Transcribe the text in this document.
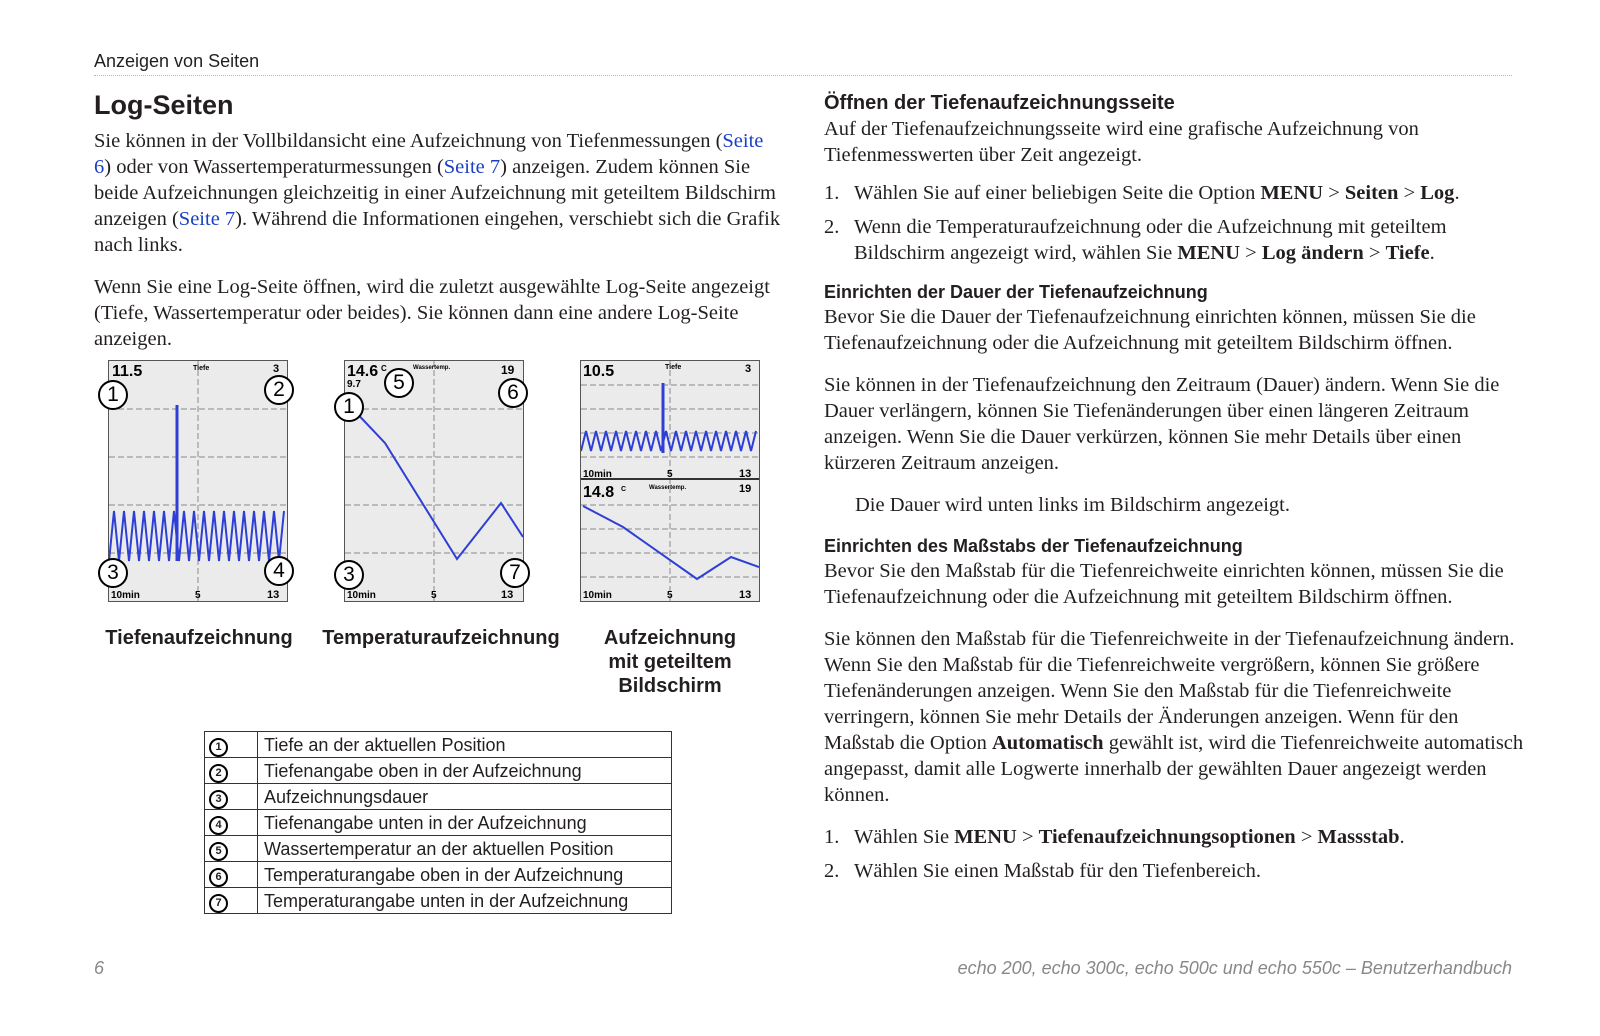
Anzeigen von Seiten
Log-Seiten

Sie können in der Vollbildansicht eine Aufzeichnung von Tiefenmessungen (Seite 6) oder von Wassertemperaturmessungen (Seite 7) anzeigen. Zudem können Sie beide Aufzeichnungen gleichzeitig in einer Aufzeichnung mit geteiltem Bildschirm anzeigen (Seite 7). Während die Informationen eingehen, verschiebt sich die Grafik nach links.

Wenn Sie eine Log-Seite öffnen, wird die zuletzt ausgewählte Log-Seite angezeigt (Tiefe, Wassertemperatur oder beides). Sie können dann eine andere Log-Seite anzeigen.

11.5	Tiefe	3
10min	5	13
14.6 C
9.7
Wassertemp.	19
10min	5	13
10.5	Tiefe	3
10min	5	13
14.8 C	Wassertemp.	19
10min	5	13
1	2
3	4
1
5	6
3	7
Tiefenaufzeichnung	Temperaturaufzeichnung	Aufzeichnung
mit geteiltem
Bildschirm
1	Tiefe an der aktuellen Position
2	Tiefenangabe oben in der Aufzeichnung
3	Aufzeichnungsdauer
4	Tiefenangabe unten in der Aufzeichnung
5	Wassertemperatur an der aktuellen Position
6	Temperaturangabe oben in der Aufzeichnung
7	Temperaturangabe unten in der Aufzeichnung
Öffnen der Tiefenaufzeichnungsseite

Auf der Tiefenaufzeichnungsseite wird eine grafische Aufzeichnung von Tiefenmesswerten über Zeit angezeigt.

1. Wählen Sie auf einer beliebigen Seite die Option MENU > Seiten > Log.
2. Wenn die Temperaturaufzeichnung oder die Aufzeichnung mit geteiltem Bildschirm angezeigt wird, wählen Sie MENU > Log ändern > Tiefe.
Einrichten der Dauer der Tiefenaufzeichnung

Bevor Sie die Dauer der Tiefenaufzeichnung einrichten können, müssen Sie die Tiefenaufzeichnung oder die Aufzeichnung mit geteiltem Bildschirm öffnen.

Sie können in der Tiefenaufzeichnung den Zeitraum (Dauer) ändern. Wenn Sie die Dauer verlängern, können Sie Tiefenänderungen über einen längeren Zeitraum anzeigen. Wenn Sie die Dauer verkürzen, können Sie mehr Details über einen kürzeren Zeitraum anzeigen.

Die Dauer wird unten links im Bildschirm angezeigt.

Einrichten des Maßstabs der Tiefenaufzeichnung

Bevor Sie den Maßstab für die Tiefenreichweite einrichten können, müssen Sie die Tiefenaufzeichnung oder die Aufzeichnung mit geteiltem Bildschirm öffnen.

Sie können den Maßstab für die Tiefenreichweite in der Tiefenaufzeichnung ändern. Wenn Sie den Maßstab für die Tiefenreichweite vergrößern, können Sie größere Tiefenänderungen anzeigen. Wenn Sie den Maßstab für die Tiefenreichweite verringern, können Sie mehr Details der Änderungen anzeigen. Wenn für den Maßstab die Option Automatisch gewählt ist, wird die Tiefenreichweite automatisch angepasst, damit alle Logwerte innerhalb der gewählten Dauer angezeigt werden können.

1. Wählen Sie MENU > Tiefenaufzeichnungsoptionen > Massstab.
2. Wählen Sie einen Maßstab für den Tiefenbereich.
6	echo 200, echo 300c, echo 500c und echo 550c – Benutzerhandbuch
